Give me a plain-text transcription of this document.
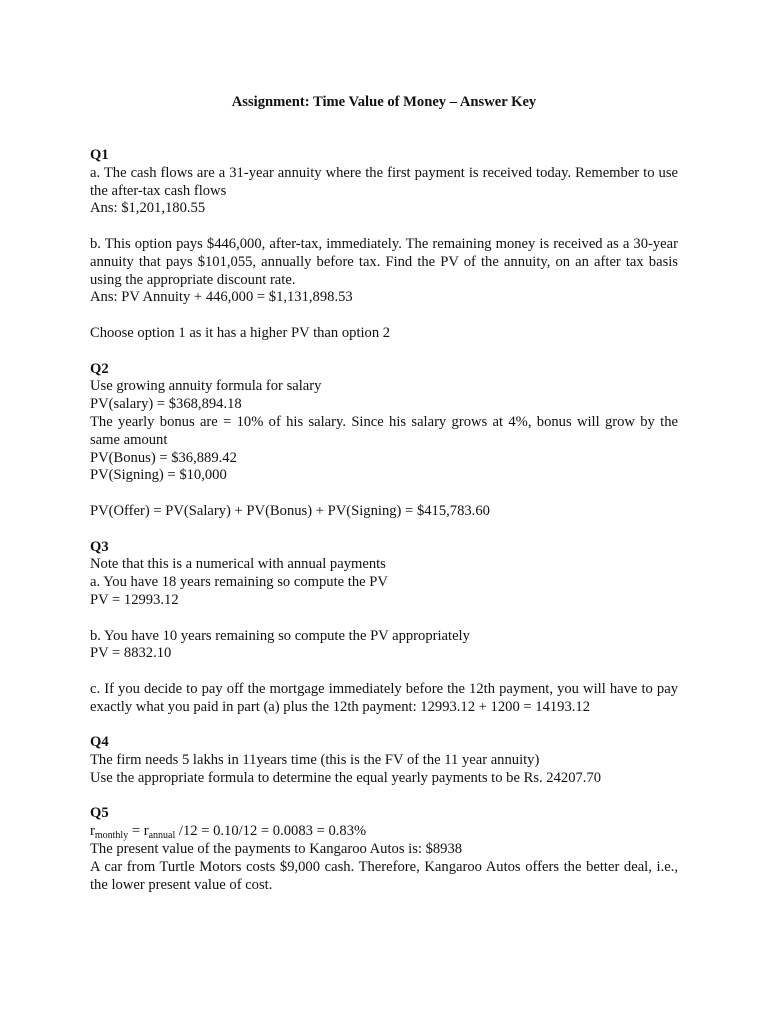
Assignment: Time Value of Money – Answer Key
Q1

a. The cash flows are a 31-year annuity where the first payment is received today. Remember to use the after-tax cash flows

Ans: $1,201,180.55

b. This option pays $446,000, after-tax, immediately. The remaining money is received as a 30-year annuity that pays $101,055, annually before tax. Find the PV of the annuity, on an after tax basis using the appropriate discount rate.

Ans: PV Annuity + 446,000 = $1,131,898.53

Choose option 1 as it has a higher PV than option 2

Q2

Use growing annuity formula for salary

PV(salary) = $368,894.18

The yearly bonus are = 10% of his salary. Since his salary grows at 4%, bonus will grow by the same amount

PV(Bonus) = $36,889.42

PV(Signing) = $10,000

PV(Offer) = PV(Salary) + PV(Bonus) + PV(Signing) = $415,783.60

Q3

Note that this is a numerical with annual payments

a. You have 18 years remaining so compute the PV

PV = 12993.12

b. You have 10 years remaining so compute the PV appropriately

PV = 8832.10

c. If you decide to pay off the mortgage immediately before the 12th payment, you will have to pay exactly what you paid in part (a) plus the 12th payment: 12993.12 + 1200 = 14193.12

Q4

The firm needs 5 lakhs in 11years time (this is the FV of the 11 year annuity)

Use the appropriate formula to determine the equal yearly payments to be Rs. 24207.70

Q5

$r_{monthly} = r_{annual}$ /12 = 0.10/12 = 0.0083 = 0.83%

The present value of the payments to Kangaroo Autos is: $8938

A car from Turtle Motors costs $9,000 cash. Therefore, Kangaroo Autos offers the better deal, i.e., the lower present value of cost.
